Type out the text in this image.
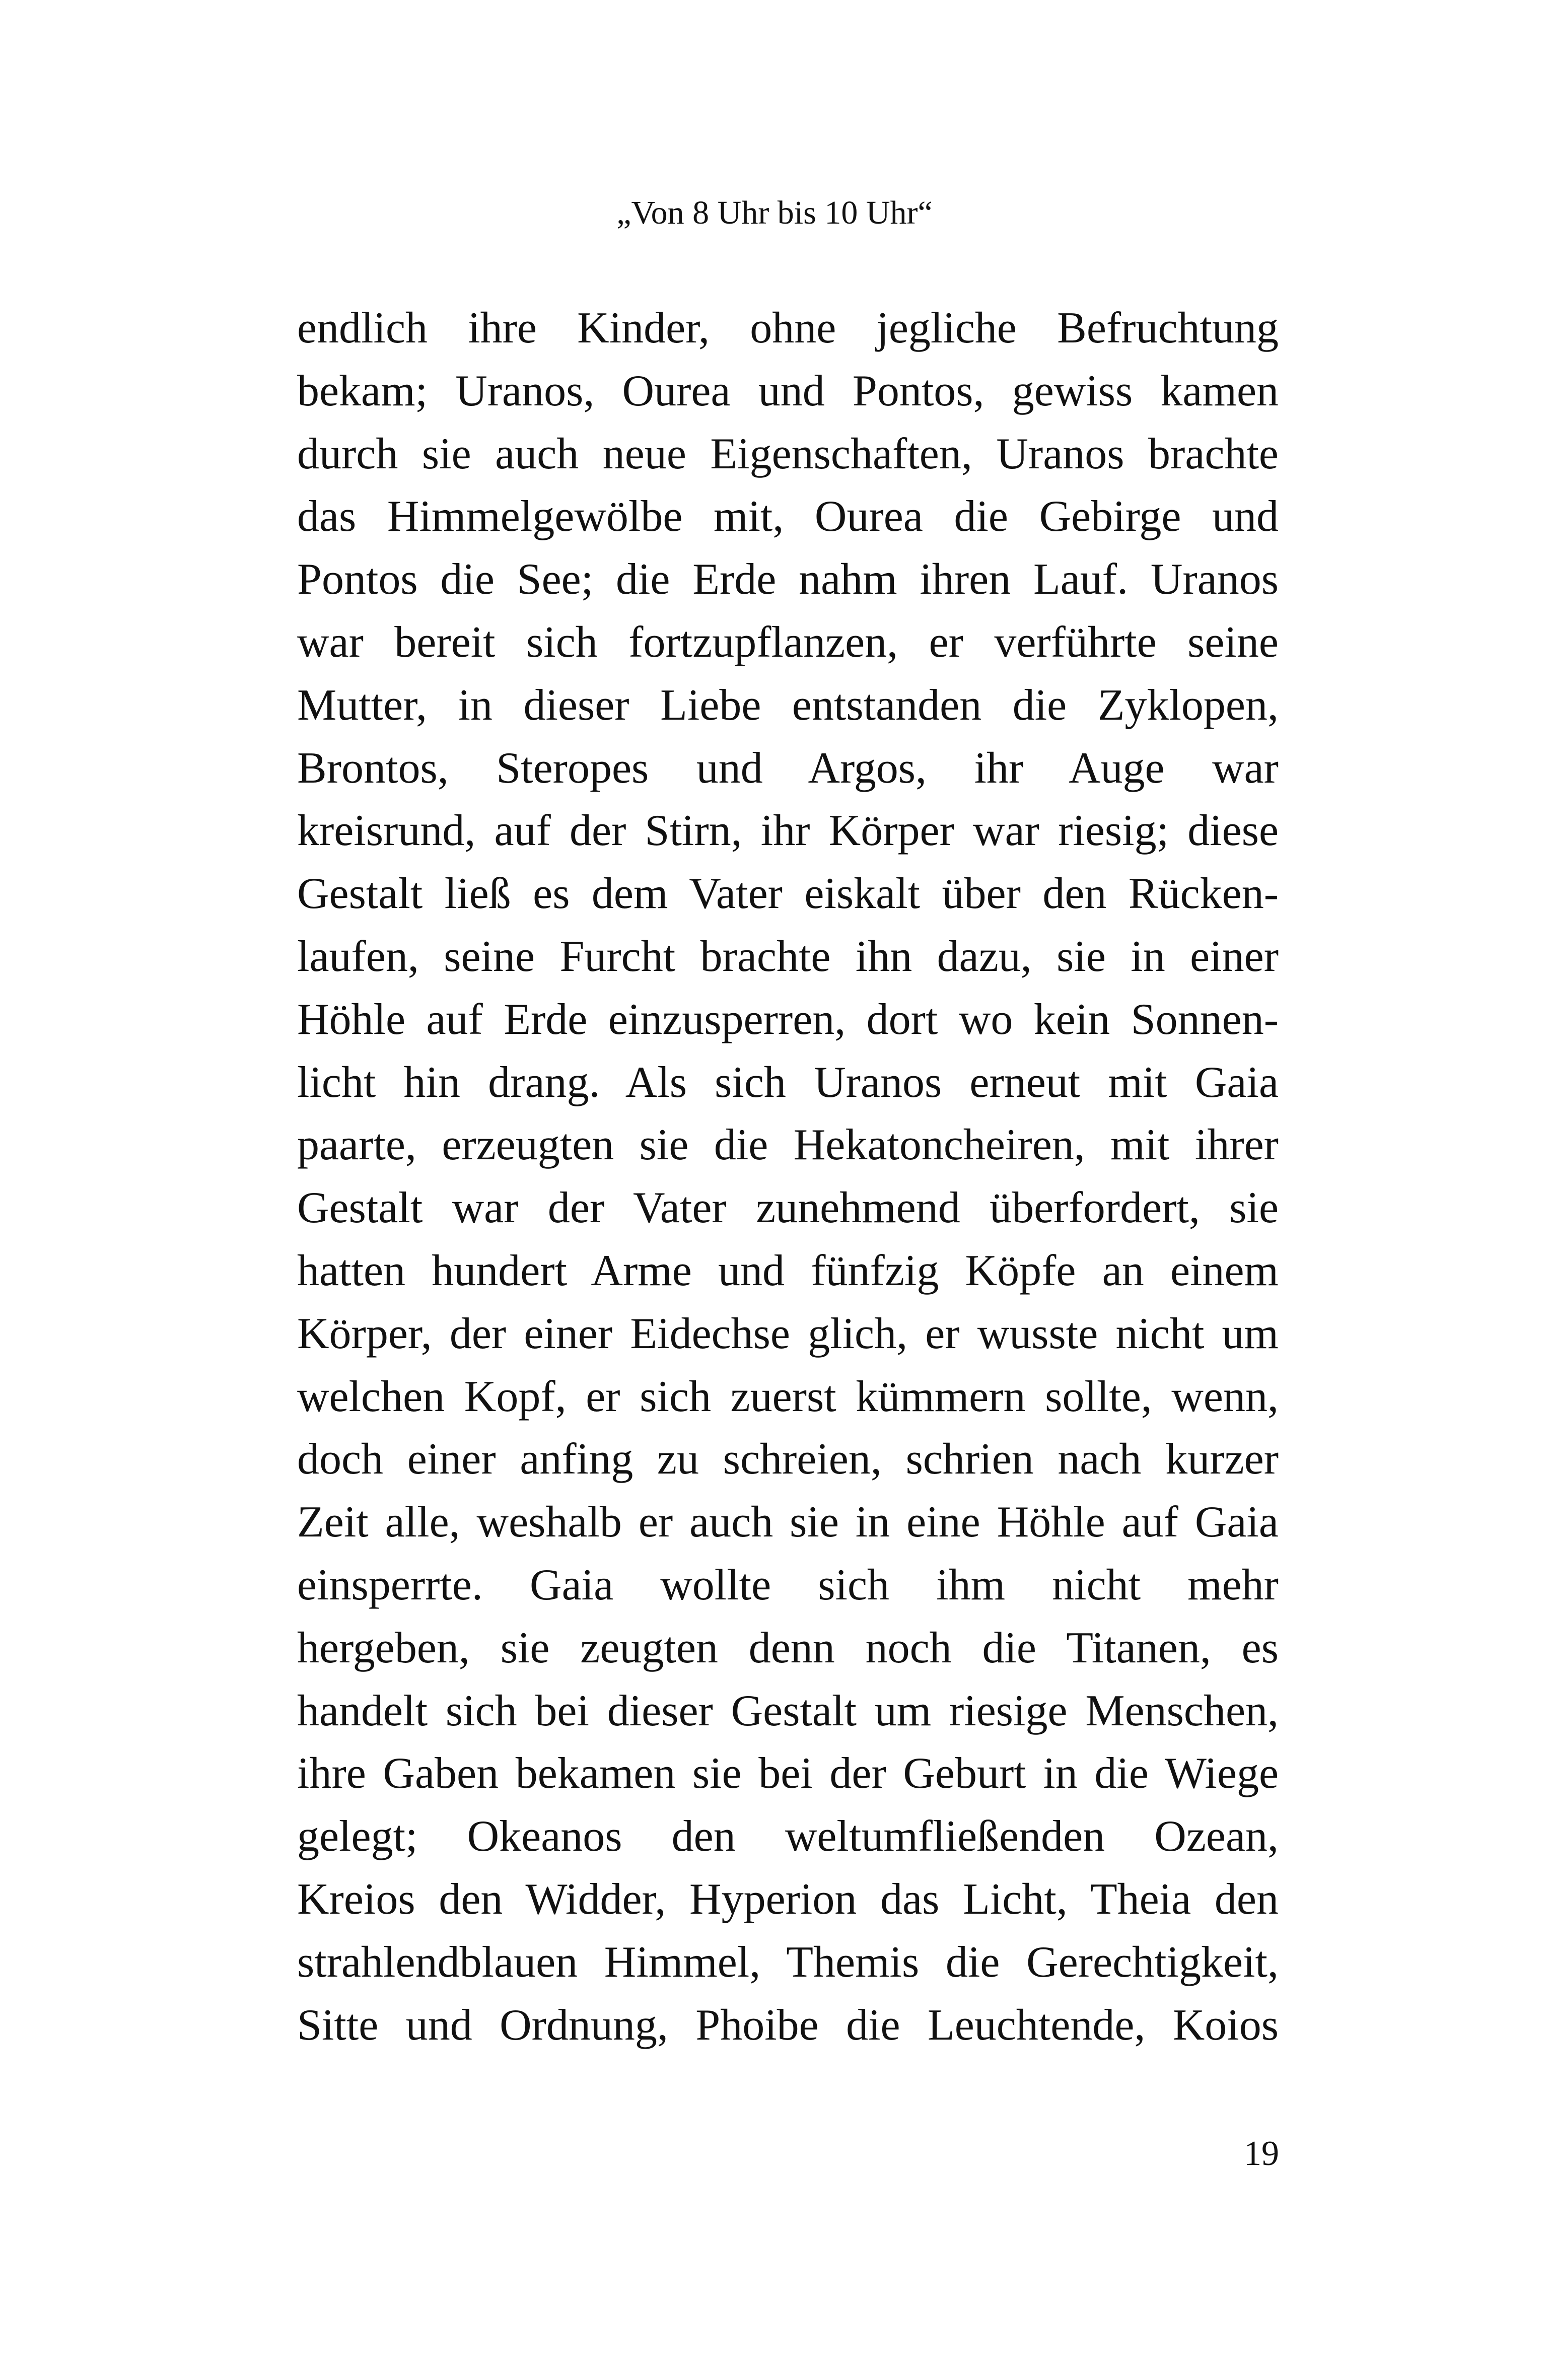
„Von 8 Uhr bis 10 Uhr“
endlich ihre Kinder, ohne jegliche Befruchtung
bekam; Uranos, Ourea und Pontos, gewiss kamen
durch sie auch neue Eigenschaften, Uranos brachte
das Himmelgewölbe mit, Ourea die Gebirge und
Pontos die See; die Erde nahm ihren Lauf. Uranos
war bereit sich fortzupflanzen, er verführte seine
Mutter, in dieser Liebe entstanden die Zyklopen,
Brontos, Steropes und Argos, ihr Auge war
kreisrund, auf der Stirn, ihr Körper war riesig; diese
Gestalt ließ es dem Vater eiskalt über den Rücken-
laufen, seine Furcht brachte ihn dazu, sie in einer
Höhle auf Erde einzusperren, dort wo kein Sonnen-
licht hin drang. Als sich Uranos erneut mit Gaia
paarte, erzeugten sie die Hekatoncheiren, mit ihrer
Gestalt war der Vater zunehmend überfordert, sie
hatten hundert Arme und fünfzig Köpfe an einem
Körper, der einer Eidechse glich, er wusste nicht um
welchen Kopf, er sich zuerst kümmern sollte, wenn,
doch einer anfing zu schreien, schrien nach kurzer
Zeit alle, weshalb er auch sie in eine Höhle auf Gaia
einsperrte. Gaia wollte sich ihm nicht mehr
hergeben, sie zeugten denn noch die Titanen, es
handelt sich bei dieser Gestalt um riesige Menschen,
ihre Gaben bekamen sie bei der Geburt in die Wiege
gelegt; Okeanos den weltumfließenden Ozean,
Kreios den Widder, Hyperion das Licht, Theia den
strahlendblauen Himmel, Themis die Gerechtigkeit,
Sitte und Ordnung, Phoibe die Leuchtende, Koios
19
